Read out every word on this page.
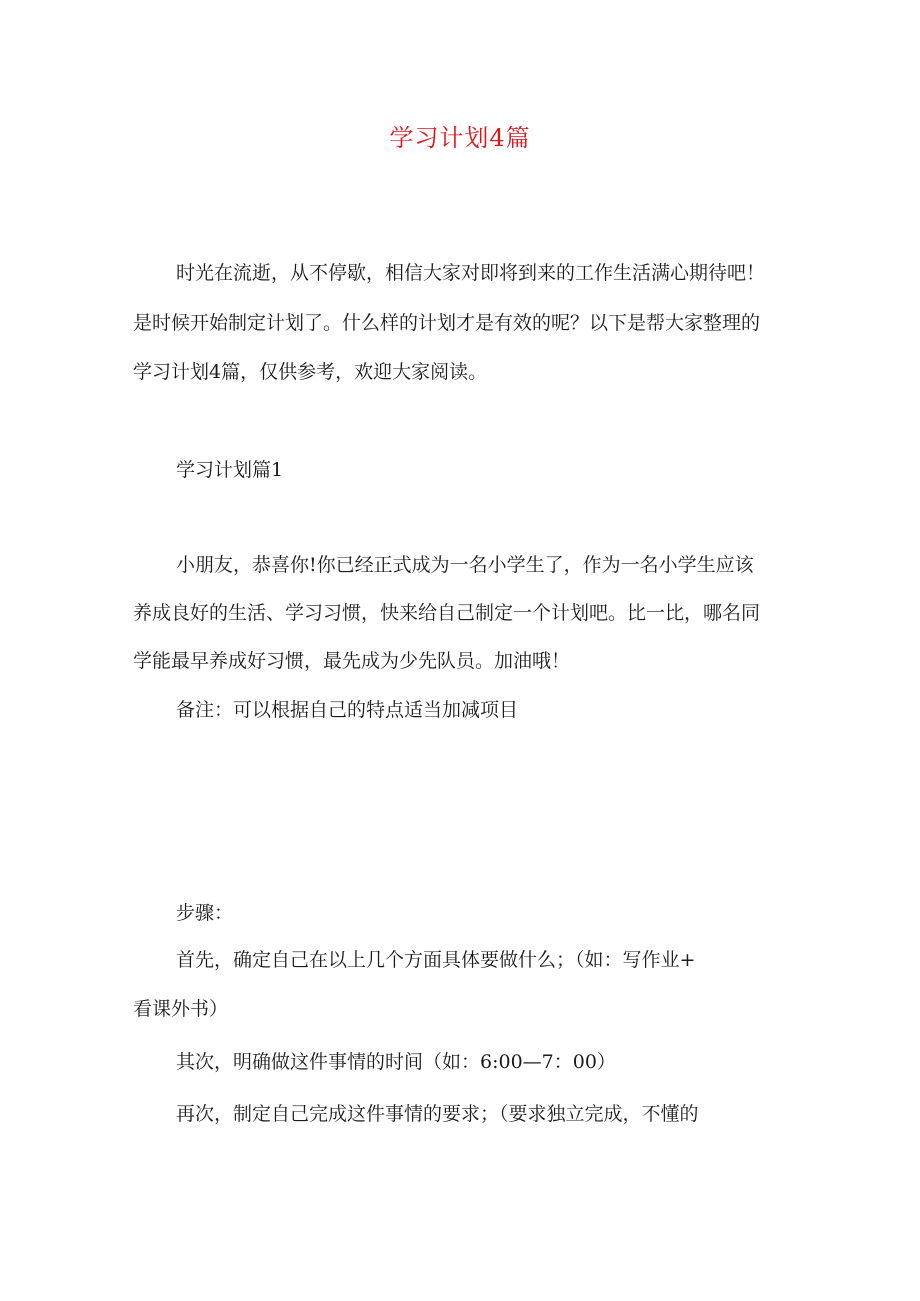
学习计划4篇

时光在流逝，从不停歇，相信大家对即将到来的工作生活满心期待吧！

是时候开始制定计划了。什么样的计划才是有效的呢？以下是帮大家整理的

学习计划4篇，仅供参考，欢迎大家阅读。

学习计划篇1

小朋友，恭喜你!你已经正式成为一名小学生了，作为一名小学生应该

养成良好的生活、学习习惯，快来给自己制定一个计划吧。比一比，哪名同

学能最早养成好习惯，最先成为少先队员。加油哦！

备注：可以根据自己的特点适当加减项目

步骤：

首先，确定自己在以上几个方面具体要做什么；（如：写作业+

看课外书）

其次，明确做这件事情的时间（如：6:00—7：00）

再次，制定自己完成这件事情的要求；（要求独立完成，不懂的
